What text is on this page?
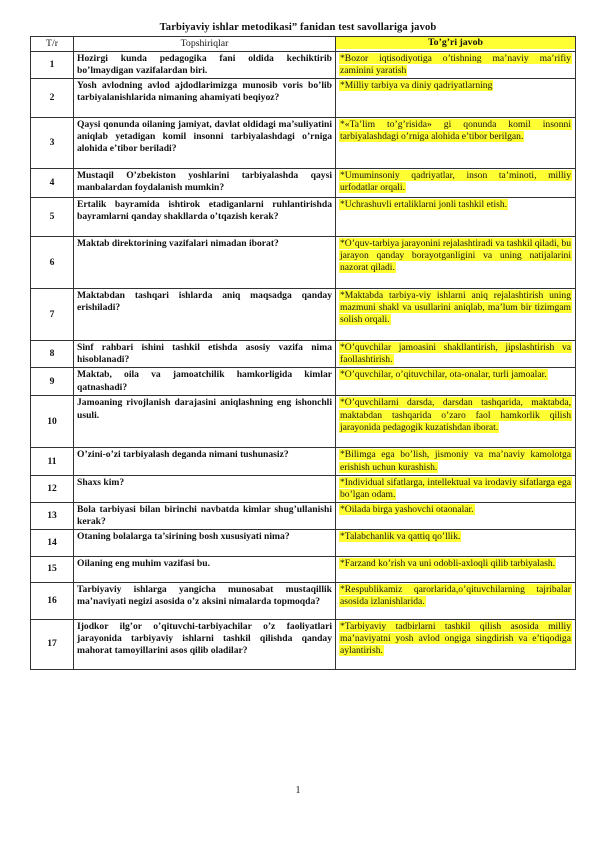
Tarbiyaviy ishlar metodikasi” fanidan test savollariga javob
T/r	Topshiriqlar	To’g’ri javob

1	Hozirgi kunda pedagogika fani oldida kechiktirib bo’lmaydigan vazifalardan biri.	*Bozor iqtisodiyotiga o’tishning ma’naviy ma’rifiy zaminini yaratish
2	Yosh avlodning avlod ajdodlarimizga munosib voris bo’lib tarbiyalanishlarida nimaning ahamiyati beqiyoz?	*Milliy tarbiya va diniy qadriyatlarning
3	Qaysi qonunda oilaning jamiyat, davlat oldidagi ma’suliyatini aniqlab yetadigan komil insonni tarbiyalashdagi o’rniga alohida e’tibor beriladi?	*«Ta’lim to’g’risida» gi qonunda komil insonni tarbiyalashdagi o’rniga alohida e’tibor berilgan.
4	Mustaqil O’zbekiston yoshlarini tarbiyalashda qaysi manbalardan foydalanish mumkin?	*Umuminsoniy qadriyatlar, inson ta’minoti, milliy urfodatlar orqali.
5	Ertalik bayramida ishtirok etadiganlarni ruhlantirishda bayramlarni qanday shakllarda o’tqazish kerak?	*Uchrashuvli ertaliklarni jonli tashkil etish.
6	Maktab direktorining vazifalari nimadan iborat?	*O’quv-tarbiya jarayonini rejalashtiradi va tashkil qiladi, bu jarayon qanday borayotganligini va uning natijalarini nazorat qiladi.
7	Maktabdan tashqari ishlarda aniq maqsadga qanday erishiladi?	*Maktabda tarbiya-viy ishlarni aniq rejalashtirish uning mazmuni shakl va usullarini aniqlab, ma’lum bir tizimgam solish orqali.
8	Sinf rahbari ishini tashkil etishda asosiy vazifa nima hisoblanadi?	*O’quvchilar jamoasini shakllantirish, jipslashtirish va faollashtirish.
9	Maktab, oila va jamoatchilik hamkorligida kimlar qatnashadi?	*O’quvchilar, o’qituvchilar, ota-onalar, turli jamoalar.
10	Jamoaning rivojlanish darajasini aniqlashning eng ishonchli usuli.	*O’quvchilarni darsda, darsdan tashqarida, maktabda, maktabdan tashqarida o’zaro faol hamkorlik qilish jarayonida pedagogik kuzatishdan iborat.
11	O’zini-o’zi tarbiyalash deganda nimani tushunasiz?	*Bilimga ega bo’lish, jismoniy va ma’naviy kamolotga erishish uchun kurashish.
12	Shaxs kim?	*Individual sifatlarga, intellektual va irodaviy sifatlarga ega bo’lgan odam.
13	Bola tarbiyasi bilan birinchi navbatda kimlar shug’ullanishi kerak?	*Oilada birga yashovchi otaonalar.
14	Otaning bolalarga ta’sirining bosh xususiyati nima?	*Talabchanlik va qattiq qo’llik.
15	Oilaning eng muhim vazifasi bu.	*Farzand ko’rish va uni odobli-axloqli qilib tarbiyalash.
16	Tarbiyaviy ishlarga yangicha munosabat mustaqillik ma’naviyati negizi asosida o’z aksini nimalarda topmoqda?	*Respublikamiz qarorlarida,o’qituvchilarning tajribalar asosida izlanishlarida.
17	Ijodkor ilg’or o’qituvchi-tarbiyachilar o’z faoliyatlari jarayonida tarbiyaviy ishlarni tashkil qilishda qanday mahorat tamoyillarini asos qilib oladilar?	*Tarbiyaviy tadbirlarni tashkil qilish asosida milliy ma’naviyatni yosh avlod ongiga singdirish va e’tiqodiga aylantirish.
1
